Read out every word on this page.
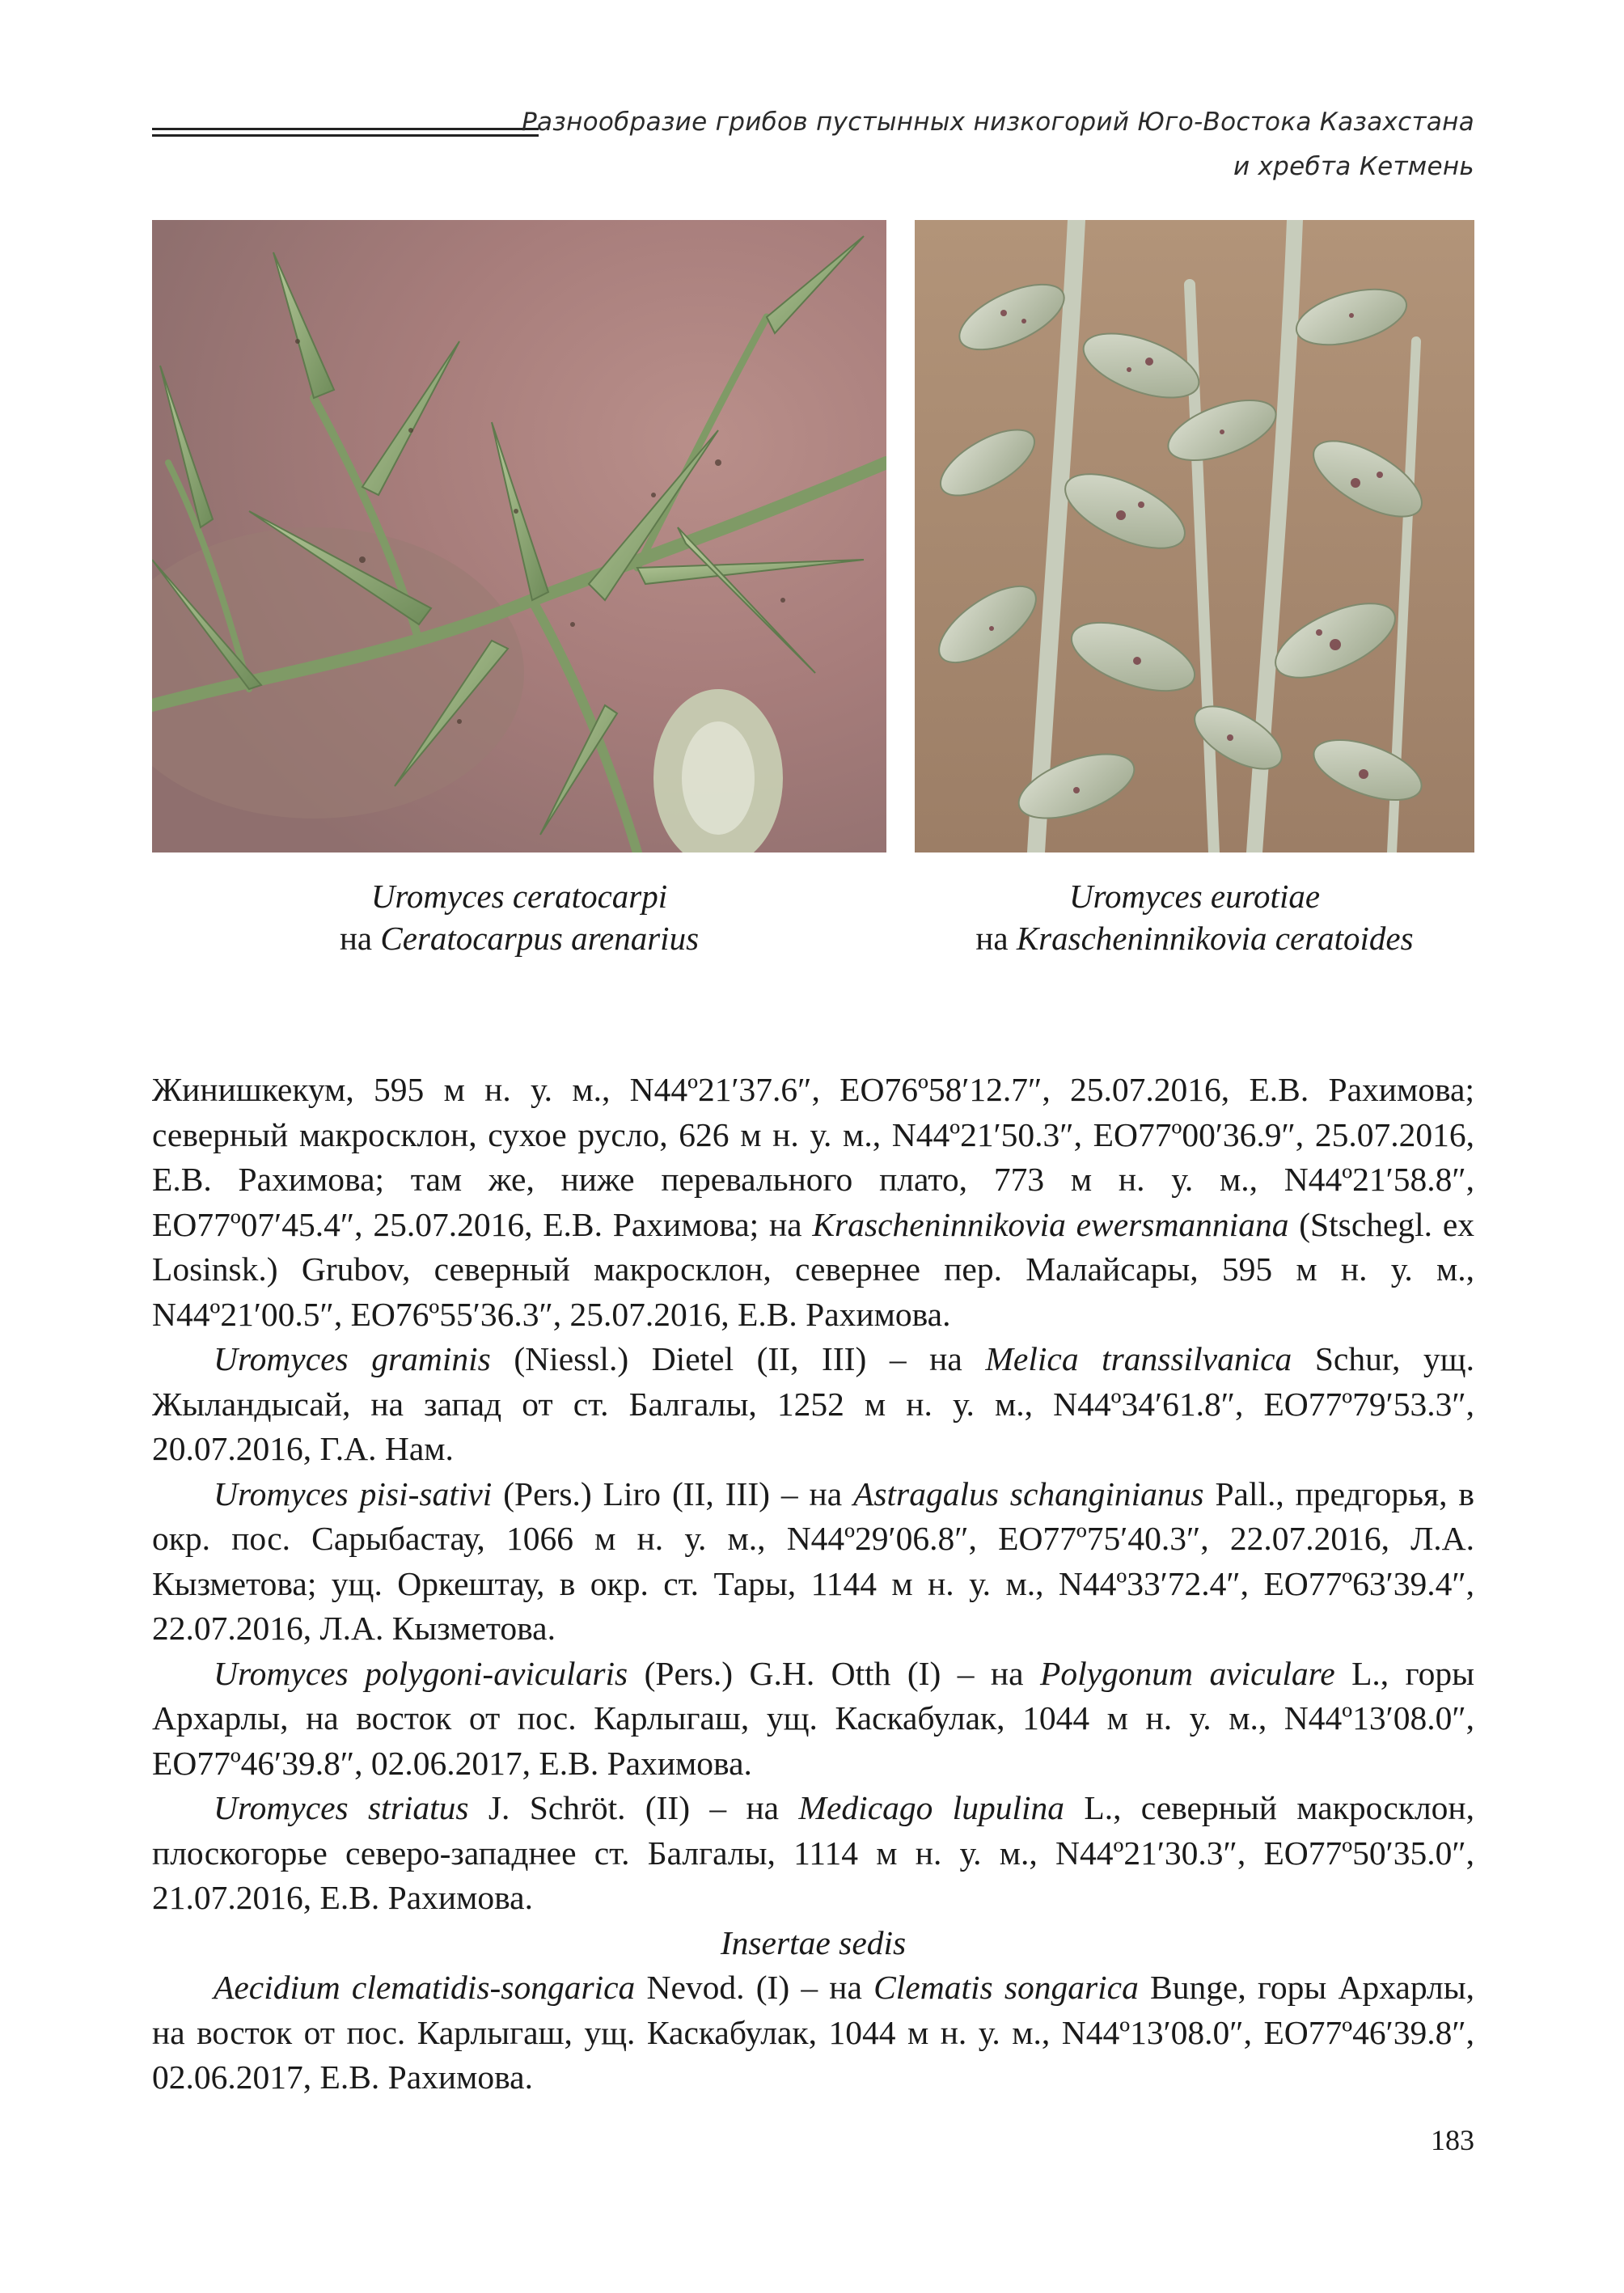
Разнообразие грибов пустынных низкогорий Юго-Востока Казахстана
и хребта Кетмень
Uromyces ceratocarpi
на Ceratocarpus arenarius
Uromyces eurotiae
на Krascheninnikovia ceratoides

Жинишкекум, 595 м н. у. м., N44º21′37.6″, EO76º58′12.7″, 25.07.2016, Е.В. Рахимова; северный макросклон, сухое русло, 626 м н. у. м., N44º21′50.3″, EO77º00′36.9″, 25.07.2016, Е.В. Рахимова; там же, ниже перевального плато, 773 м н. у. м., N44º21′58.8″, EO77º07′45.4″, 25.07.2016, Е.В. Рахимова; на Krascheninnikovia ewersmanniana (Stschegl. ex Losinsk.) Grubov, северный макросклон, севернее пер. Малайсары, 595 м н. у. м., N44º21′00.5″, EO76º55′36.3″, 25.07.2016, Е.В. Рахимова.

Uromyces graminis (Niessl.) Dietel (II, III) – на Melica transsilvanica Schur, ущ. Жыландысай, на запад от ст. Балгалы, 1252 м н. у. м., N44º34′61.8″, EO77º79′53.3″, 20.07.2016, Г.А. Нам.

Uromyces pisi-sativi (Pers.) Liro (II, III) – на Astragalus schanginianus Pall., предгорья, в окр. пос. Сарыбастау, 1066 м н. у. м., N44º29′06.8″, EO77º75′40.3″, 22.07.2016, Л.А. Кызметова; ущ. Оркештау, в окр. ст. Тары, 1144 м н. у. м., N44º33′72.4″, EO77º63′39.4″, 22.07.2016, Л.А. Кызметова.

Uromyces polygoni-avicularis (Pers.) G.H. Otth (I) – на Polygonum aviculare L., горы Архарлы, на восток от пос. Карлыгаш, ущ. Каскабулак, 1044 м н. у. м., N44º13′08.0″, EO77º46′39.8″, 02.06.2017, Е.В. Рахимова.

Uromyces striatus J. Schröt. (II) – на Medicago lupulina L., северный макросклон, плоскогорье северо-западнее ст. Балгалы, 1114 м н. у. м., N44º21′30.3″, EO77º50′35.0″, 21.07.2016, Е.В. Рахимова.

Insertae sedis

Aecidium clematidis-songarica Nevod. (I) – на Clematis songarica Bunge, горы Архарлы, на восток от пос. Карлыгаш, ущ. Каскабулак, 1044 м н. у. м., N44º13′08.0″, EO77º46′39.8″, 02.06.2017, Е.В. Рахимова.

183
